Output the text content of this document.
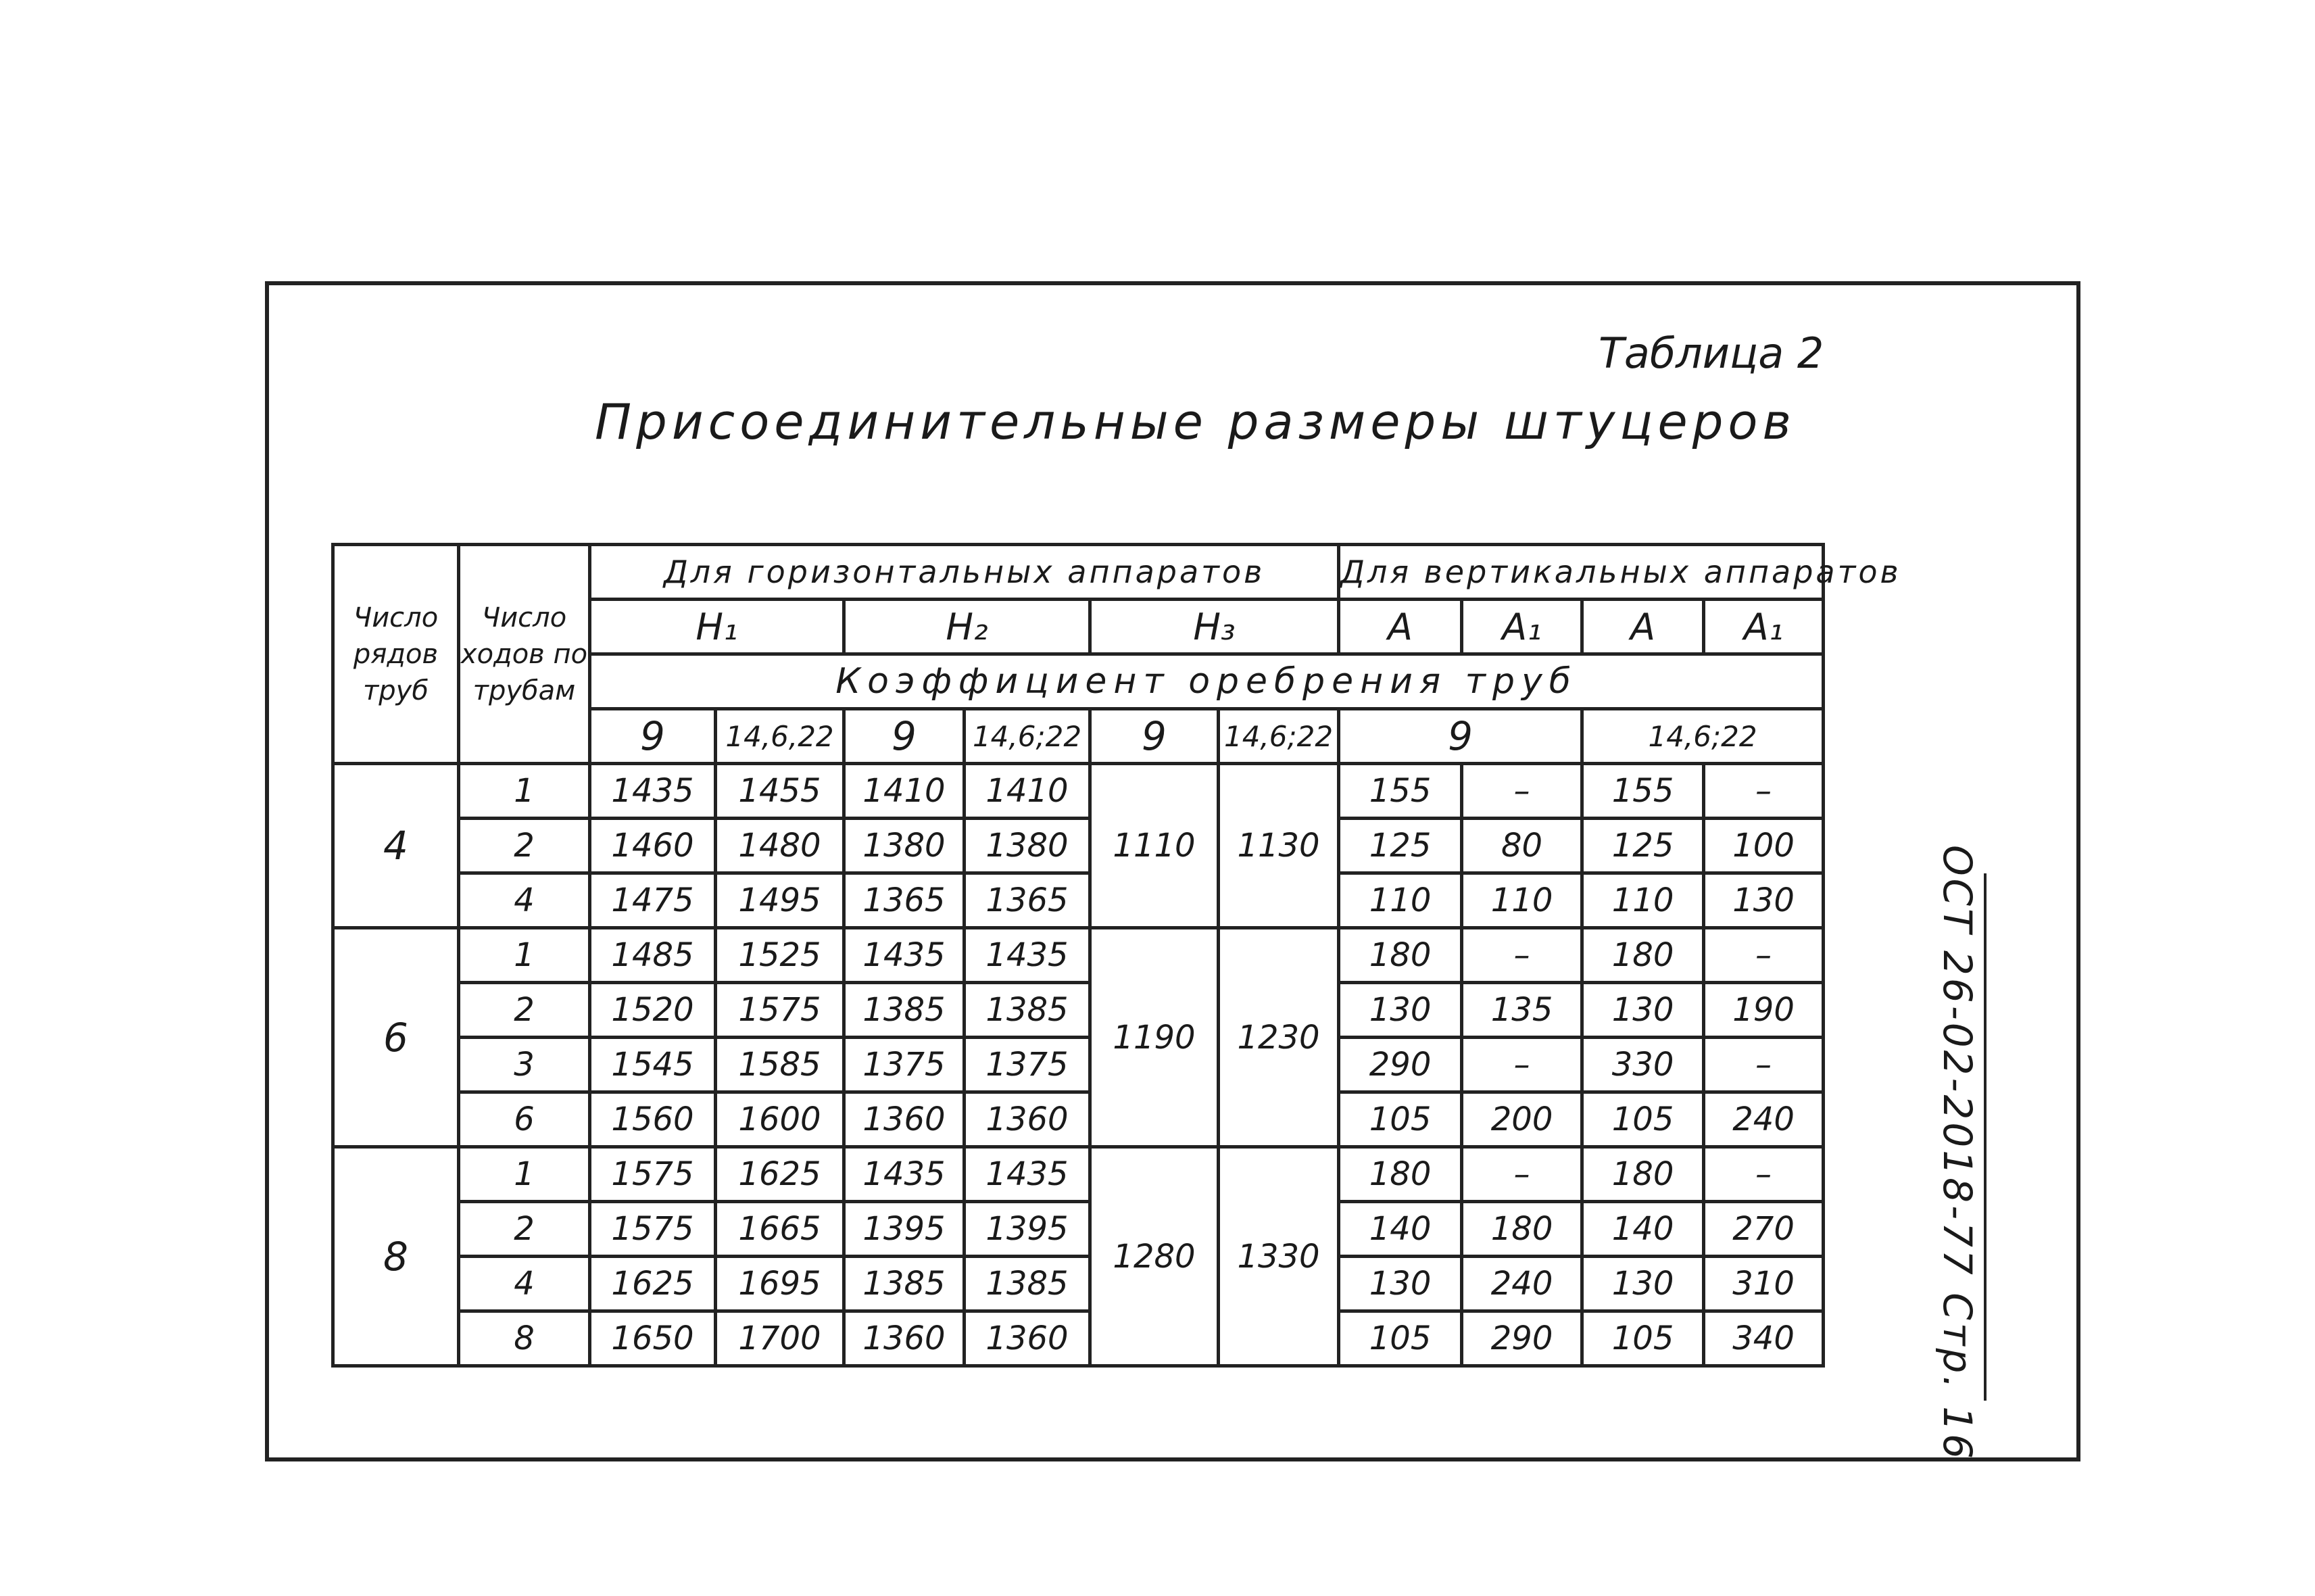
Таблица 2
Присоединительные размеры штуцеров
Число рядов труб	Число ходов по трубам	Для горизонтальных аппаратов						Для вертикальных аппаратов			
		H₁		H₂		H₃		A	A₁	A	A₁
		Коэффициент оребрения труб									
		9	14,6,22	9	14,6;22	9	14,6;22	9		14,6;22	
4	1	1435	1455	1410	1410	1110	1130	155	–	155	–
	2	1460	1480	1380	1380			125	80	125	100
	4	1475	1495	1365	1365			110	110	110	130
6	1	1485	1525	1435	1435	1190	1230	180	–	180	–
	2	1520	1575	1385	1385			130	135	130	190
	3	1545	1585	1375	1375			290	–	330	–
	6	1560	1600	1360	1360			105	200	105	240
8	1	1575	1625	1435	1435	1280	1330	180	–	180	–
	2	1575	1665	1395	1395			140	180	140	270
	4	1625	1695	1385	1385			130	240	130	310
	8	1650	1700	1360	1360			105	290	105	340	ОСТ 26-02-2018-77 Стр. 16
